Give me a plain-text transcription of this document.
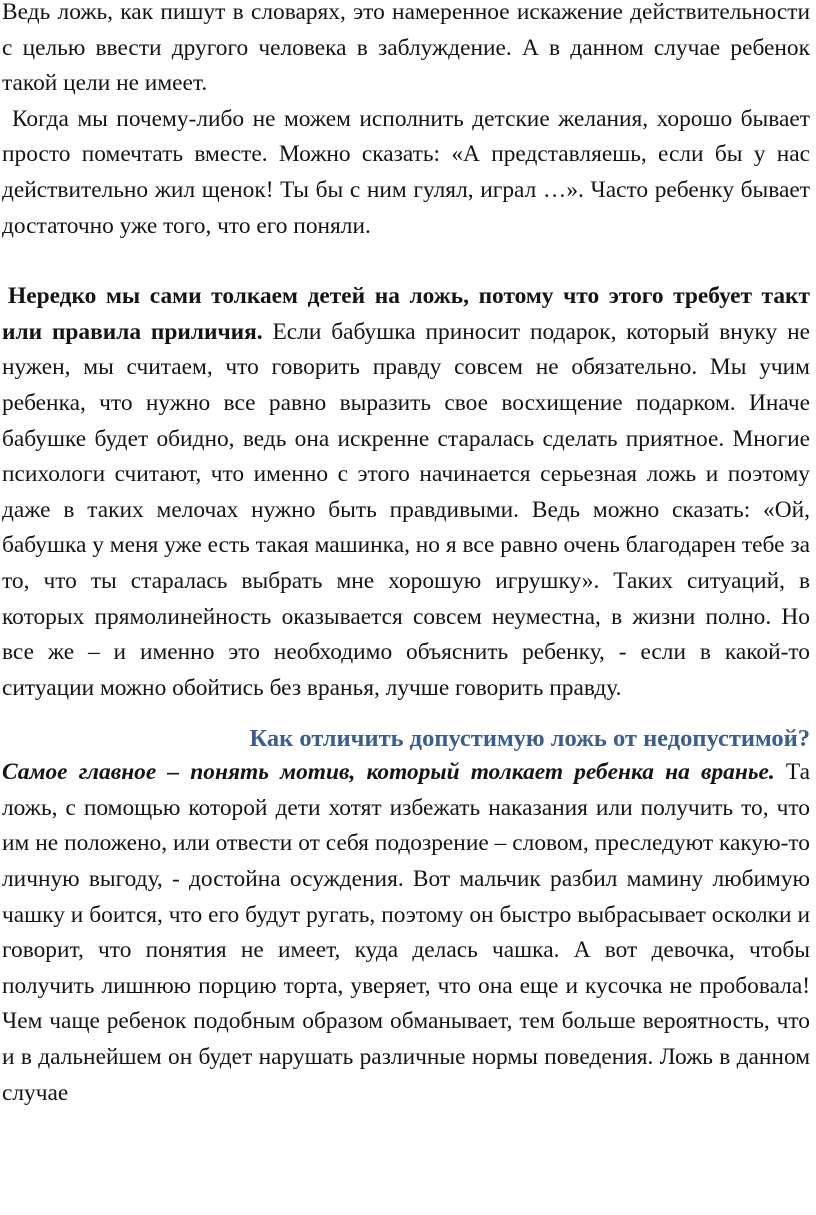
Ведь ложь, как пишут в словарях, это намеренное искажение действительности с целью ввести другого человека в заблуждение. А в данном случае ребенок такой цели не имеет.

Когда мы почему-либо не можем исполнить детские желания, хорошо бывает просто помечтать вместе. Можно сказать: «А представляешь, если бы у нас действительно жил щенок! Ты бы с ним гулял, играл …». Часто ребенку бывает достаточно уже того, что его поняли.

Нередко мы сами толкаем детей на ложь, потому что этого требует такт или правила приличия. Если бабушка приносит подарок, который внуку не нужен, мы считаем, что говорить правду совсем не обязательно. Мы учим ребенка, что нужно все равно выразить свое восхищение подарком. Иначе бабушке будет обидно, ведь она искренне старалась сделать приятное. Многие психологи считают, что именно с этого начинается серьезная ложь и поэтому даже в таких мелочах нужно быть правдивыми. Ведь можно сказать: «Ой, бабушка у меня уже есть такая машинка, но я все равно очень благодарен тебе за то, что ты старалась выбрать мне хорошую игрушку». Таких ситуаций, в которых прямолинейность оказывается совсем неуместна, в жизни полно. Но все же – и именно это необходимо объяснить ребенку, - если в какой-то ситуации можно обойтись без вранья, лучше говорить правду.

Как отличить допустимую ложь от недопустимой?

Самое главное – понять мотив, который толкает ребенка на вранье. Та ложь, с помощью которой дети хотят избежать наказания или получить то, что им не положено, или отвести от себя подозрение – словом, преследуют какую-то личную выгоду, - достойна осуждения. Вот мальчик разбил мамину любимую чашку и боится, что его будут ругать, поэтому он быстро выбрасывает осколки и говорит, что понятия не имеет, куда делась чашка. А вот девочка, чтобы получить лишнюю порцию торта, уверяет, что она еще и кусочка не пробовала! Чем чаще ребенок подобным образом обманывает, тем больше вероятность, что и в дальнейшем он будет нарушать различные нормы поведения. Ложь в данном случае
